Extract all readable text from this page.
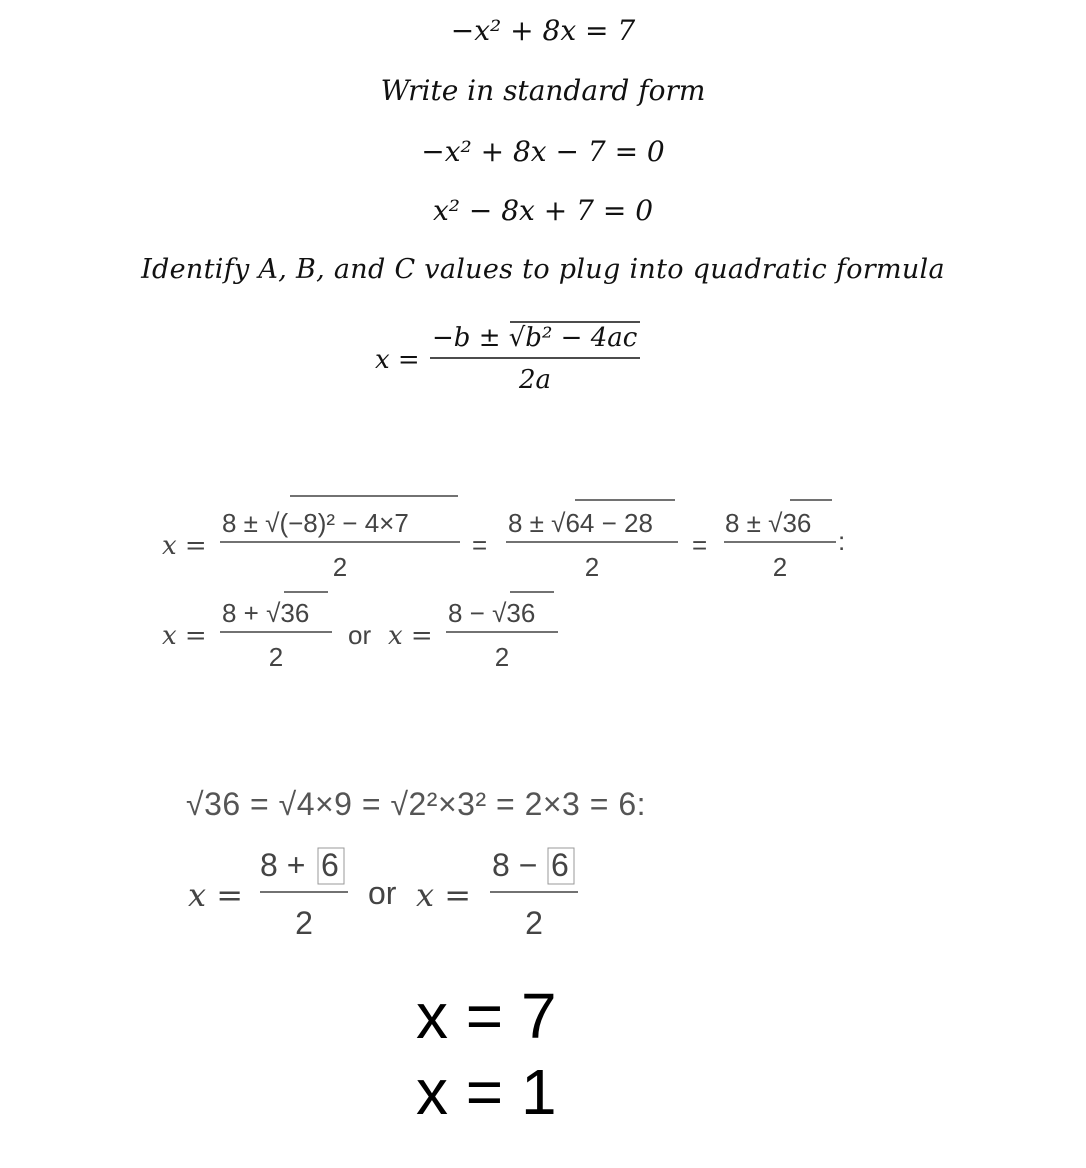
−x² + 8x = 7
Write in standard form
−x² + 8x − 7 = 0
x² − 8x + 7 = 0
Identify A, B, and C values to plug into quadratic formula
x =
−b ± √b² − 4ac
2a
x =
8 ± √(−8)² − 4×7
2
=
8 ± √64 − 28
2
=
8 ± √36
2
:
x =
8 + √36
2
or x =
8 − √36
2
√36 = √4×9 = √2²×3² = 2×3 = 6:
x =
8 + 6
2
or x =
8 − 6
2
x = 7
x = 1
